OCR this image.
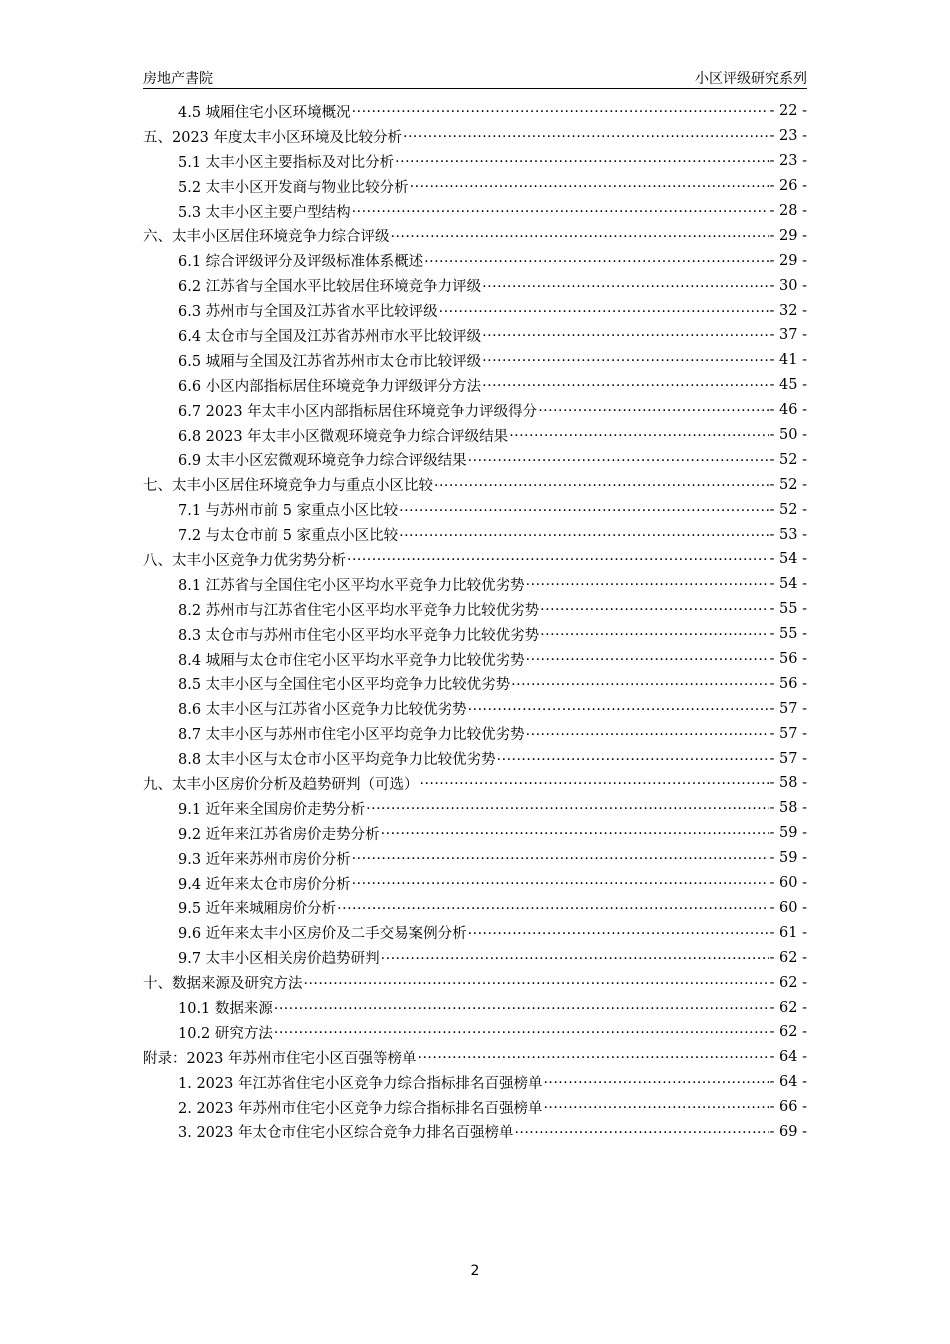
房地产書院	小区评级研究系列
4.5 城厢住宅小区环境概况 .....	- 22 -
五、2023 年度太丰小区环境及比较分析 .....	- 23 -
5.1 太丰小区主要指标及对比分析 .....	- 23 -
5.2 太丰小区开发商与物业比较分析 .....	- 26 -
5.3 太丰小区主要户型结构 .....	- 28 -
六、太丰小区居住环境竞争力综合评级 .....	- 29 -
6.1 综合评级评分及评级标准体系概述 .....	- 29 -
6.2 江苏省与全国水平比较居住环境竞争力评级 .....	- 30 -
6.3 苏州市与全国及江苏省水平比较评级 .....	- 32 -
6.4 太仓市与全国及江苏省苏州市水平比较评级 .....	- 37 -
6.5 城厢与全国及江苏省苏州市太仓市比较评级 .....	- 41 -
6.6 小区内部指标居住环境竞争力评级评分方法 .....	- 45 -
6.7 2023 年太丰小区内部指标居住环境竞争力评级得分 .....	- 46 -
6.8 2023 年太丰小区微观环境竞争力综合评级结果 .....	- 50 -
6.9 太丰小区宏微观环境竞争力综合评级结果 .....	- 52 -
七、太丰小区居住环境竞争力与重点小区比较 .....	- 52 -
7.1 与苏州市前 5 家重点小区比较 .....	- 52 -
7.2 与太仓市前 5 家重点小区比较 .....	- 53 -
八、太丰小区竞争力优劣势分析 .....	- 54 -
8.1 江苏省与全国住宅小区平均水平竞争力比较优劣势 .....	- 54 -
8.2 苏州市与江苏省住宅小区平均水平竞争力比较优劣势 .....	- 55 -
8.3 太仓市与苏州市住宅小区平均水平竞争力比较优劣势 .....	- 55 -
8.4 城厢与太仓市住宅小区平均水平竞争力比较优劣势 .....	- 56 -
8.5 太丰小区与全国住宅小区平均竞争力比较优劣势 .....	- 56 -
8.6 太丰小区与江苏省小区竞争力比较优劣势 .....	- 57 -
8.7 太丰小区与苏州市住宅小区平均竞争力比较优劣势 .....	- 57 -
8.8 太丰小区与太仓市小区平均竞争力比较优劣势 .....	- 57 -
九、太丰小区房价分析及趋势研判（可选） .....	- 58 -
9.1 近年来全国房价走势分析 .....	- 58 -
9.2 近年来江苏省房价走势分析 .....	- 59 -
9.3 近年来苏州市房价分析 .....	- 59 -
9.4 近年来太仓市房价分析 .....	- 60 -
9.5 近年来城厢房价分析 .....	- 60 -
9.6 近年来太丰小区房价及二手交易案例分析 .....	- 61 -
9.7 太丰小区相关房价趋势研判 .....	- 62 -
十、数据来源及研究方法 .....	- 62 -
10.1 数据来源 .....	- 62 -
10.2 研究方法 .....	- 62 -
附录：2023 年苏州市住宅小区百强等榜单 .....	- 64 -
1. 2023 年江苏省住宅小区竞争力综合指标排名百强榜单 .....	- 64 -
2. 2023 年苏州市住宅小区竞争力综合指标排名百强榜单 .....	- 66 -
3. 2023 年太仓市住宅小区综合竞争力排名百强榜单 .....	- 69 -
2
